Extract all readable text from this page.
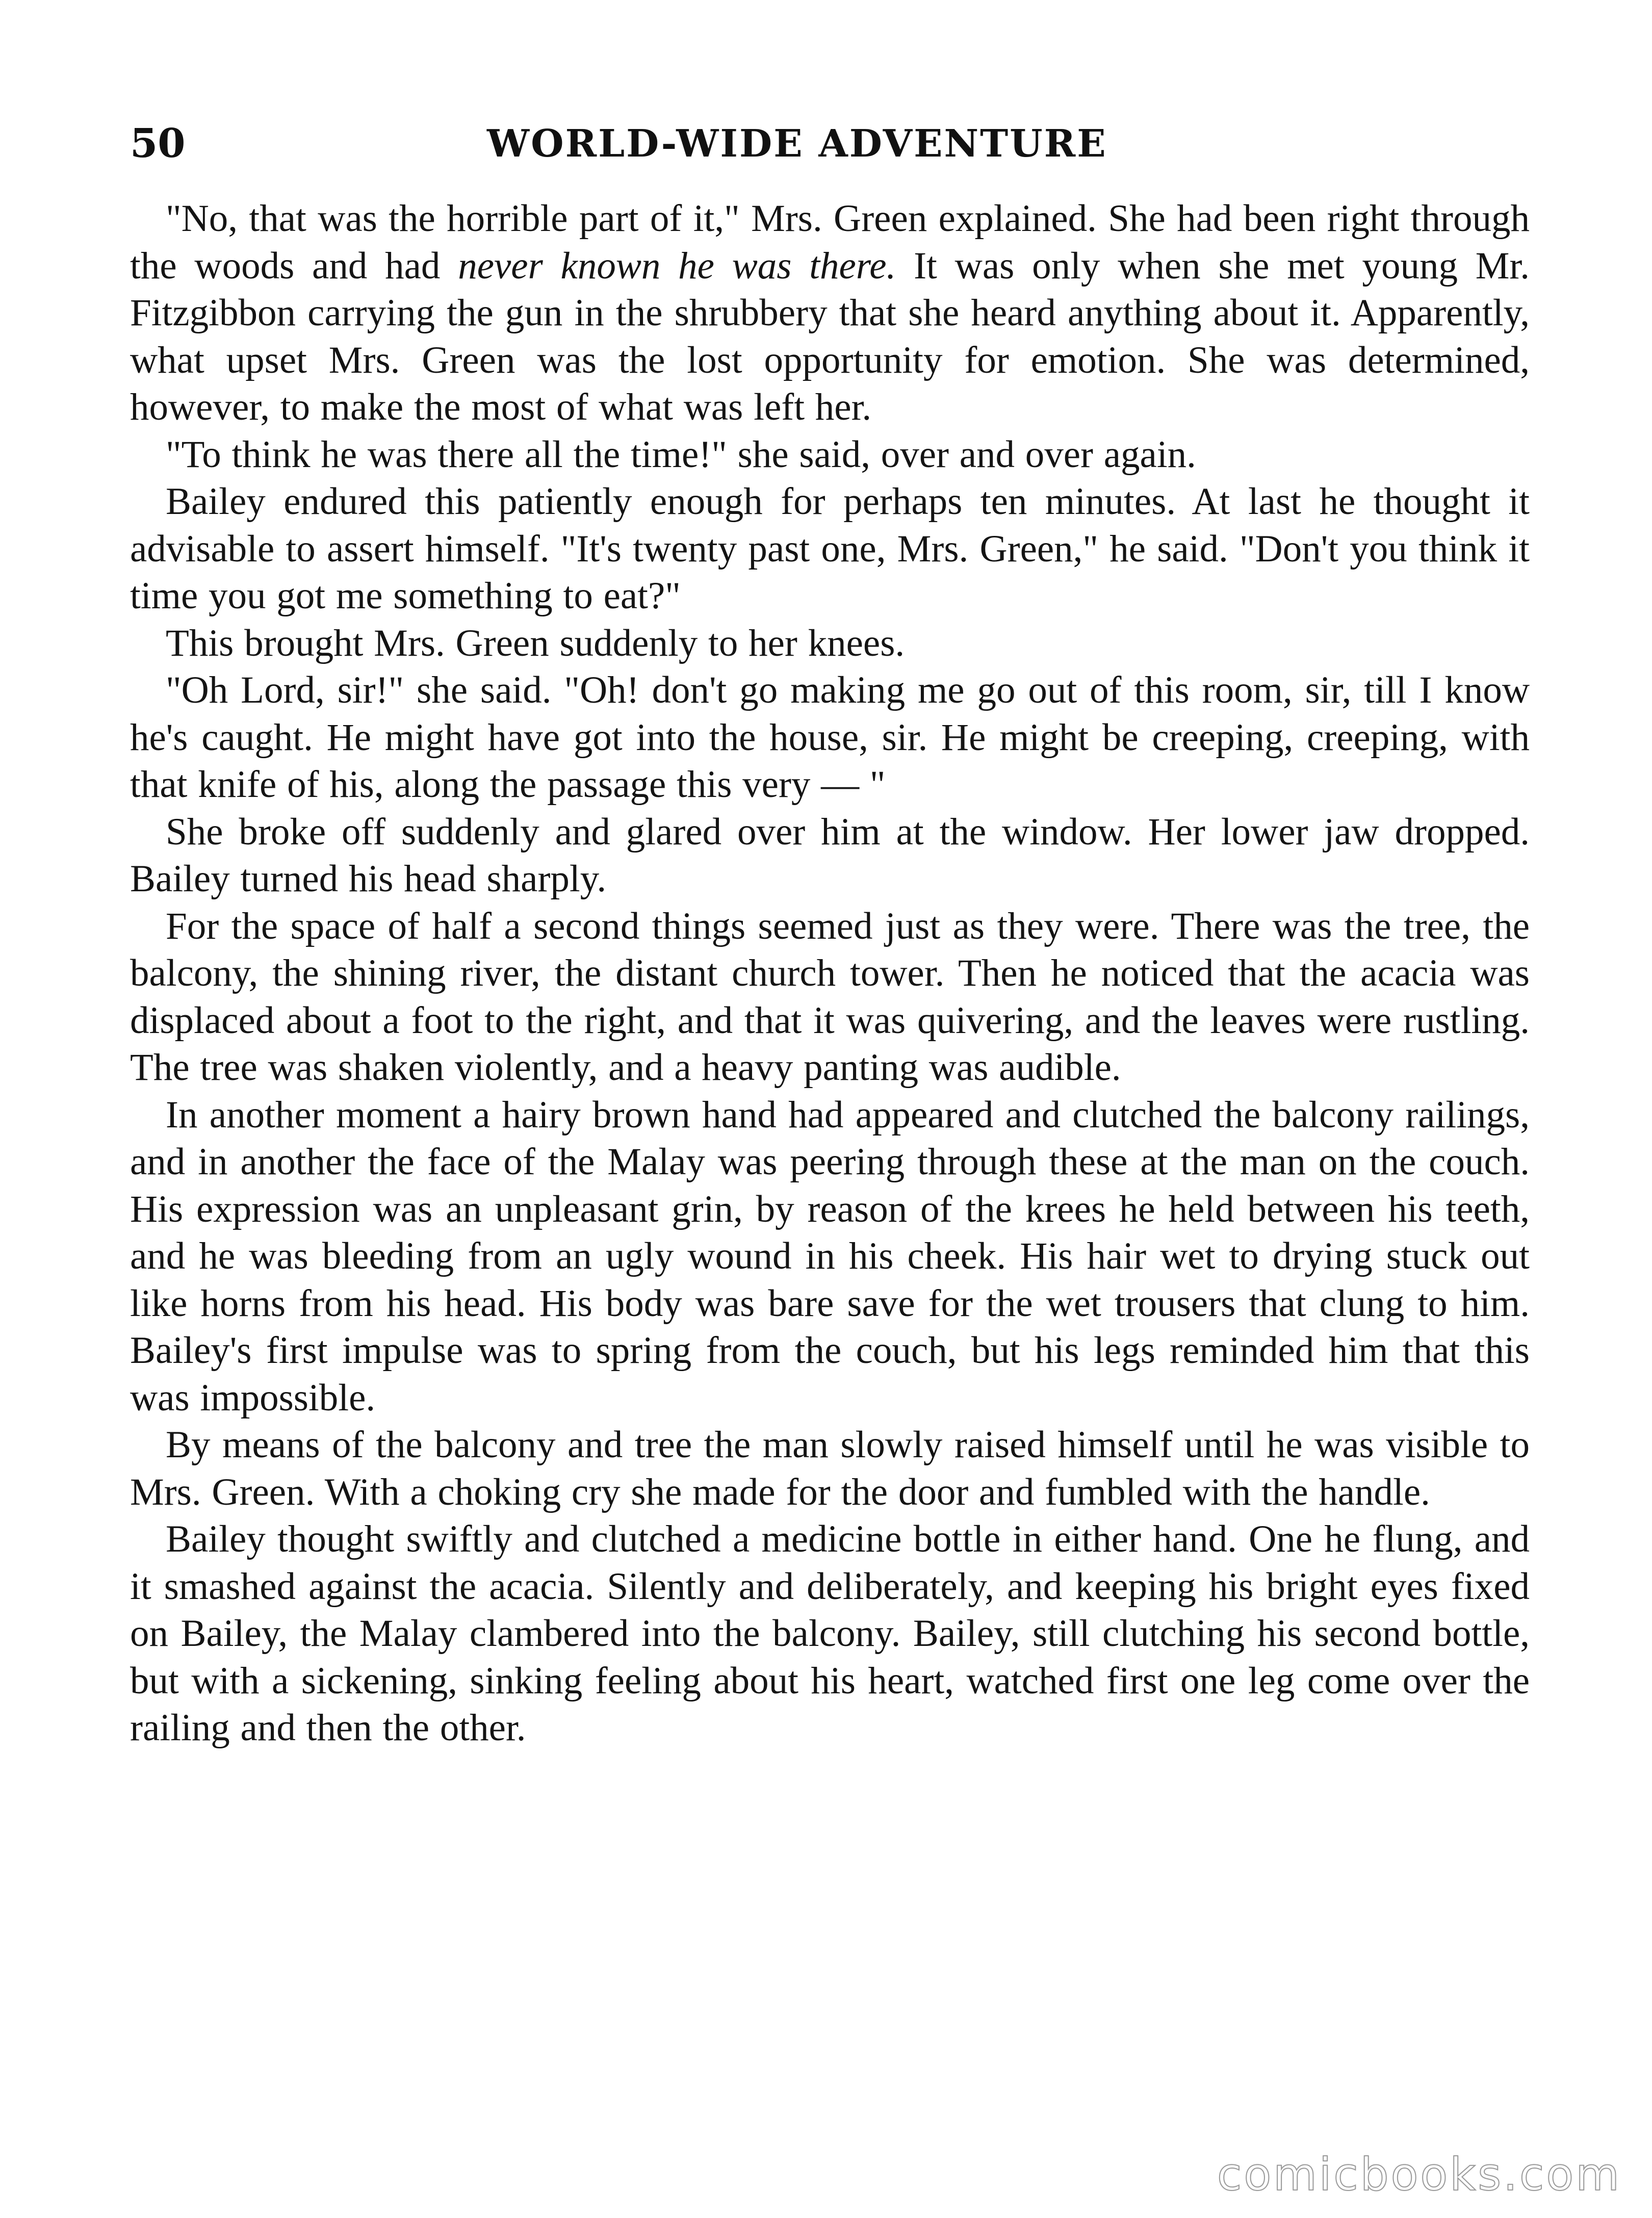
50	WORLD-WIDE ADVENTURE

"No, that was the horrible part of it," Mrs. Green explained. She had been right through the woods and had never known he was there. It was only when she met young Mr. Fitzgibbon carrying the gun in the shrubbery that she heard anything about it. Apparently, what upset Mrs. Green was the lost opportunity for emotion. She was determined, however, to make the most of what was left her.

"To think he was there all the time!" she said, over and over again.

Bailey endured this patiently enough for perhaps ten minutes. At last he thought it advisable to assert himself. "It's twenty past one, Mrs. Green," he said. "Don't you think it time you got me something to eat?"

This brought Mrs. Green suddenly to her knees.

"Oh Lord, sir!" she said. "Oh! don't go making me go out of this room, sir, till I know he's caught. He might have got into the house, sir. He might be creeping, creeping, with that knife of his, along the passage this very — "

She broke off suddenly and glared over him at the window. Her lower jaw dropped. Bailey turned his head sharply.

For the space of half a second things seemed just as they were. There was the tree, the balcony, the shining river, the distant church tower. Then he noticed that the acacia was displaced about a foot to the right, and that it was quivering, and the leaves were rustling. The tree was shaken violently, and a heavy panting was audible.

In another moment a hairy brown hand had appeared and clutched the balcony railings, and in another the face of the Malay was peering through these at the man on the couch. His expression was an unpleasant grin, by reason of the krees he held between his teeth, and he was bleeding from an ugly wound in his cheek. His hair wet to drying stuck out like horns from his head. His body was bare save for the wet trousers that clung to him. Bailey's first impulse was to spring from the couch, but his legs reminded him that this was impossible.

By means of the balcony and tree the man slowly raised himself until he was visible to Mrs. Green. With a choking cry she made for the door and fumbled with the handle.

Bailey thought swiftly and clutched a medicine bottle in either hand. One he flung, and it smashed against the acacia. Silently and deliberately, and keeping his bright eyes fixed on Bailey, the Malay clambered into the balcony. Bailey, still clutching his second bottle, but with a sickening, sinking feeling about his heart, watched first one leg come over the railing and then the other.

comicbooks.com
